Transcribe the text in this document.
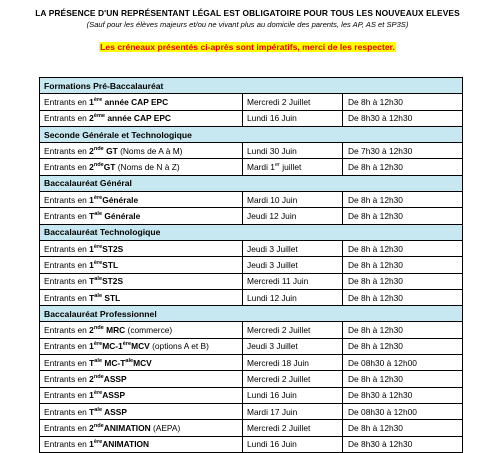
LA PRÉSENCE D'UN REPRÉSENTANT LÉGAL EST OBLIGATOIRE POUR TOUS LES NOUVEAUX ELEVES
(Sauf pour les élèves majeurs et/ou ne vivant plus au domicile des parents, les AP, AS et SP3S)
Les créneaux présentés ci-après sont impératifs, merci de les respecter.
Formations Pré-Baccalauréat		
Entrants en 1ère année CAP EPC	Mercredi 2 Juillet	De 8h à 12h30
Entrants en 2ème année CAP EPC	Lundi 16 Juin	De 8h30 à 12h30
Seconde Générale et Technologique		
Entrants en 2nde GT (Noms de A à M)	Lundi 30 Juin	De 7h30 à 12h30
Entrants en 2ndeGT (Noms de N à Z)	Mardi 1er juillet	De 8h à 12h30
Baccalauréat Général		
Entrants en 1èreGénérale	Mardi 10 Juin	De 8h à 12h30
Entrants en $T^{ale}$ Générale	Jeudi 12 Juin	De 8h à 12h30
Baccalauréat Technologique		
Entrants en 1èreST2S	Jeudi 3 Juillet	De 8h à 12h30
Entrants en 1èreSTL	Jeudi 3 Juillet	De 8h à 12h30
Entrants en $T^{ale}ST2S$	Mercredi 11 Juin	De 8h à 12h30
Entrants en $T^{ale}$ STL	Lundi 12 Juin	De 8h à 12h30
Baccalauréat Professionnel		
Entrants en 2nde MRC (commerce)	Mercredi 2 Juillet	De 8h à 12h30
Entrants en 1èreMC-1èreMCV (options A et B)	Jeudi 3 Juillet	De 8h à 12h30
Entrants en $T^{ale}$ $MC-T^{ale}MCV$	Mercredi 18 Juin	De 08h30 à 12h00
Entrants en 2ndeASSP	Mercredi 2 Juillet	De 8h à 12h30
Entrants en 1èreASSP	Lundi 16 Juin	De 8h30 à 12h30
Entrants en $T^{ale}$ ASSP	Mardi 17 Juin	De 08h30 à 12h00
Entrants en 2ndeANIMATION (AEPA)	Mercredi 2 Juillet	De 8h à 12h30
Entrants en 1èreANIMATION	Lundi 16 Juin	De 8h30 à 12h30
